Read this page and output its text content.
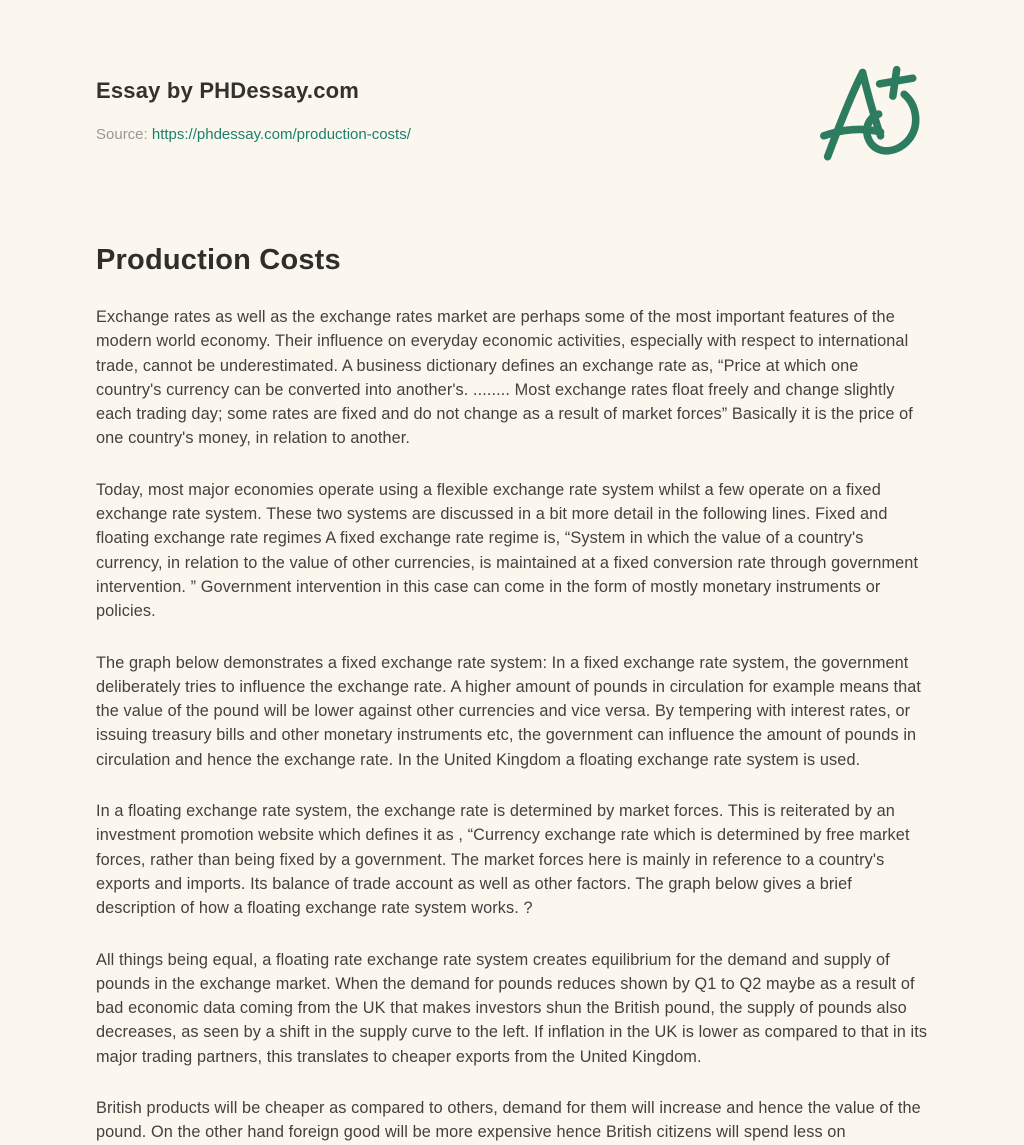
Essay by PHDessay.com
Source: https://phdessay.com/production-costs/
Production Costs

Exchange rates as well as the exchange rates market are perhaps some of the most important features of the modern world economy. Their influence on everyday economic activities, especially with respect to international trade, cannot be underestimated. A business dictionary defines an exchange rate as, “Price at which one country's currency can be converted into another's. ........ Most exchange rates float freely and change slightly each trading day; some rates are fixed and do not change as a result of market forces” Basically it is the price of one country's money, in relation to another.

Today, most major economies operate using a flexible exchange rate system whilst a few operate on a fixed exchange rate system. These two systems are discussed in a bit more detail in the following lines. Fixed and floating exchange rate regimes A fixed exchange rate regime is, “System in which the value of a country's currency, in relation to the value of other currencies, is maintained at a fixed conversion rate through government intervention. ” Government intervention in this case can come in the form of mostly monetary instruments or policies.

The graph below demonstrates a fixed exchange rate system: In a fixed exchange rate system, the government deliberately tries to influence the exchange rate. A higher amount of pounds in circulation for example means that the value of the pound will be lower against other currencies and vice versa. By tempering with interest rates, or issuing treasury bills and other monetary instruments etc, the government can influence the amount of pounds in circulation and hence the exchange rate. In the United Kingdom a floating exchange rate system is used.

In a floating exchange rate system, the exchange rate is determined by market forces. This is reiterated by an investment promotion website which defines it as , “Currency exchange rate which is determined by free market forces, rather than being fixed by a government. The market forces here is mainly in reference to a country's exports and imports. Its balance of trade account as well as other factors. The graph below gives a brief description of how a floating exchange rate system works. ?

All things being equal, a floating rate exchange rate system creates equilibrium for the demand and supply of pounds in the exchange market. When the demand for pounds reduces shown by Q1 to Q2 maybe as a result of bad economic data coming from the UK that makes investors shun the British pound, the supply of pounds also decreases, as seen by a shift in the supply curve to the left. If inflation in the UK is lower as compared to that in its major trading partners, this translates to cheaper exports from the United Kingdom.

British products will be cheaper as compared to others, demand for them will increase and hence the value of the pound. On the other hand foreign good will be more expensive hence British citizens will spend less on
